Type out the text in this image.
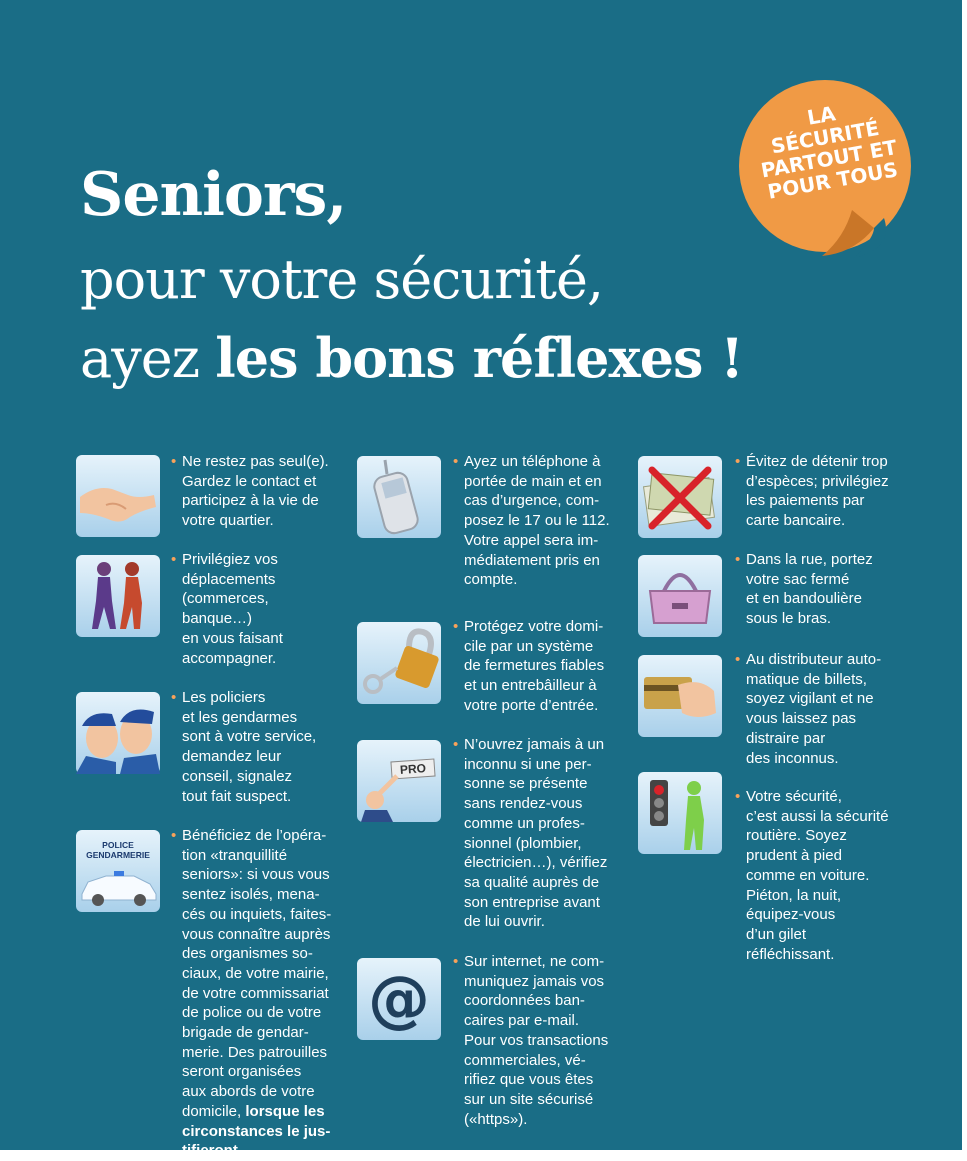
Seniors,
pour votre sécurité,
ayez les bons réflexes !
LA
SÉCURITÉ
PARTOUT ET
POUR TOUS
POLICE
GENDARMERIE
• Ne restez pas seul(e).
Gardez le contact et
participez à la vie de
votre quartier.
• Privilégiez vos
déplacements
(commerces,
banque…)
en vous faisant
accompagner.
• Les policiers
et les gendarmes
sont à votre service,
demandez leur
conseil, signalez
tout fait suspect.
• Bénéficiez de l’opéra-
tion «tranquillité
seniors»: si vous vous
sentez isolés, mena-
cés ou inquiets, faites-
vous connaître auprès
des organismes so-
ciaux, de votre mairie,
de votre commissariat
de police ou de votre
brigade de gendar-
merie. Des patrouilles
seront organisées
aux abords de votre
domicile, lorsque les
circonstances le jus-
tifieront.
PRO
@
• Ayez un téléphone à
portée de main et en
cas d’urgence, com-
posez le 17 ou le 112.
Votre appel sera im-
médiatement pris en
compte.
• Protégez votre domi-
cile par un système
de fermetures fiables
et un entrebâilleur à
votre porte d’entrée.
• N’ouvrez jamais à un
inconnu si une per-
sonne se présente
sans rendez-vous
comme un profes-
sionnel (plombier,
électricien…), vérifiez
sa qualité auprès de
son entreprise avant
de lui ouvrir.
• Sur internet, ne com-
muniquez jamais vos
coordonnées ban-
caires par e-mail.
Pour vos transactions
commerciales, vé-
rifiez que vous êtes
sur un site sécurisé
(«https»).
• Évitez de détenir trop
d’espèces; privilégiez
les paiements par
carte bancaire.
• Dans la rue, portez
votre sac fermé
et en bandoulière
sous le bras.
• Au distributeur auto-
matique de billets,
soyez vigilant et ne
vous laissez pas
distraire par
des inconnus.
• Votre sécurité,
c’est aussi la sécurité
routière. Soyez
prudent à pied
comme en voiture.
Piéton, la nuit,
équipez-vous
d’un gilet
réfléchissant.
